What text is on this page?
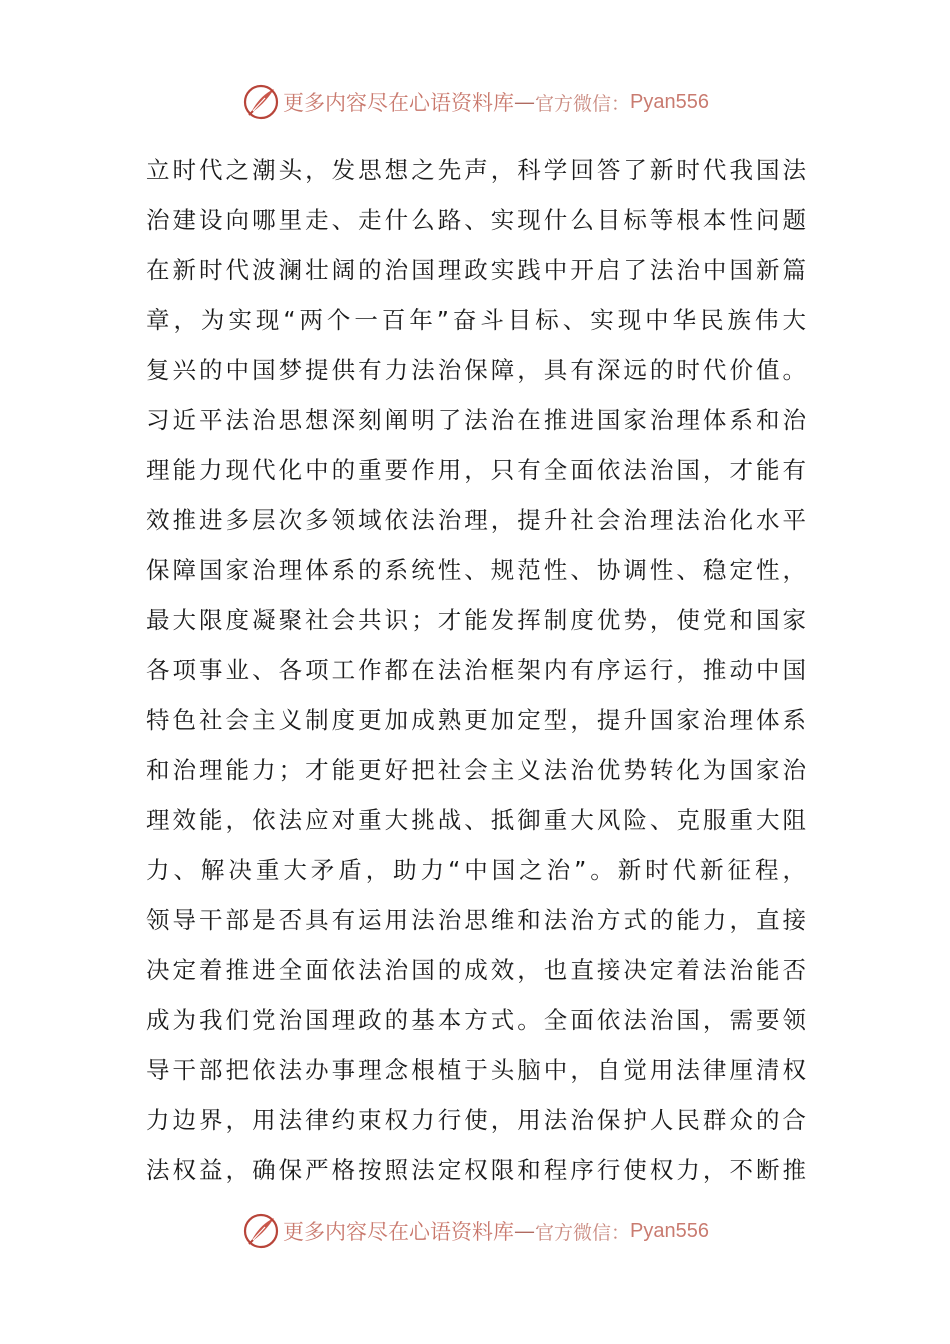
更多内容尽在心语资料库 — 官方微信： Pyan556
立时代之潮头，发思想之先声，科学回答了新时代我国法
治建设向哪里走、走什么路、实现什么目标等根本性问题
在新时代波澜壮阔的治国理政实践中开启了法治中国新篇
章，为实现“两个一百年”奋斗目标、实现中华民族伟大
复兴的中国梦提供有力法治保障，具有深远的时代价值。
习近平法治思想深刻阐明了法治在推进国家治理体系和治
理能力现代化中的重要作用，只有全面依法治国，才能有
效推进多层次多领域依法治理，提升社会治理法治化水平
保障国家治理体系的系统性、规范性、协调性、稳定性，
最大限度凝聚社会共识；才能发挥制度优势，使党和国家
各项事业、各项工作都在法治框架内有序运行，推动中国
特色社会主义制度更加成熟更加定型，提升国家治理体系
和治理能力；才能更好把社会主义法治优势转化为国家治
理效能，依法应对重大挑战、抵御重大风险、克服重大阻
力、解决重大矛盾，助力“中国之治”。新时代新征程，
领导干部是否具有运用法治思维和法治方式的能力，直接
决定着推进全面依法治国的成效，也直接决定着法治能否
成为我们党治国理政的基本方式。全面依法治国，需要领
导干部把依法办事理念根植于头脑中，自觉用法律厘清权
力边界，用法律约束权力行使，用法治保护人民群众的合
法权益，确保严格按照法定权限和程序行使权力，不断推
更多内容尽在心语资料库 — 官方微信： Pyan556
